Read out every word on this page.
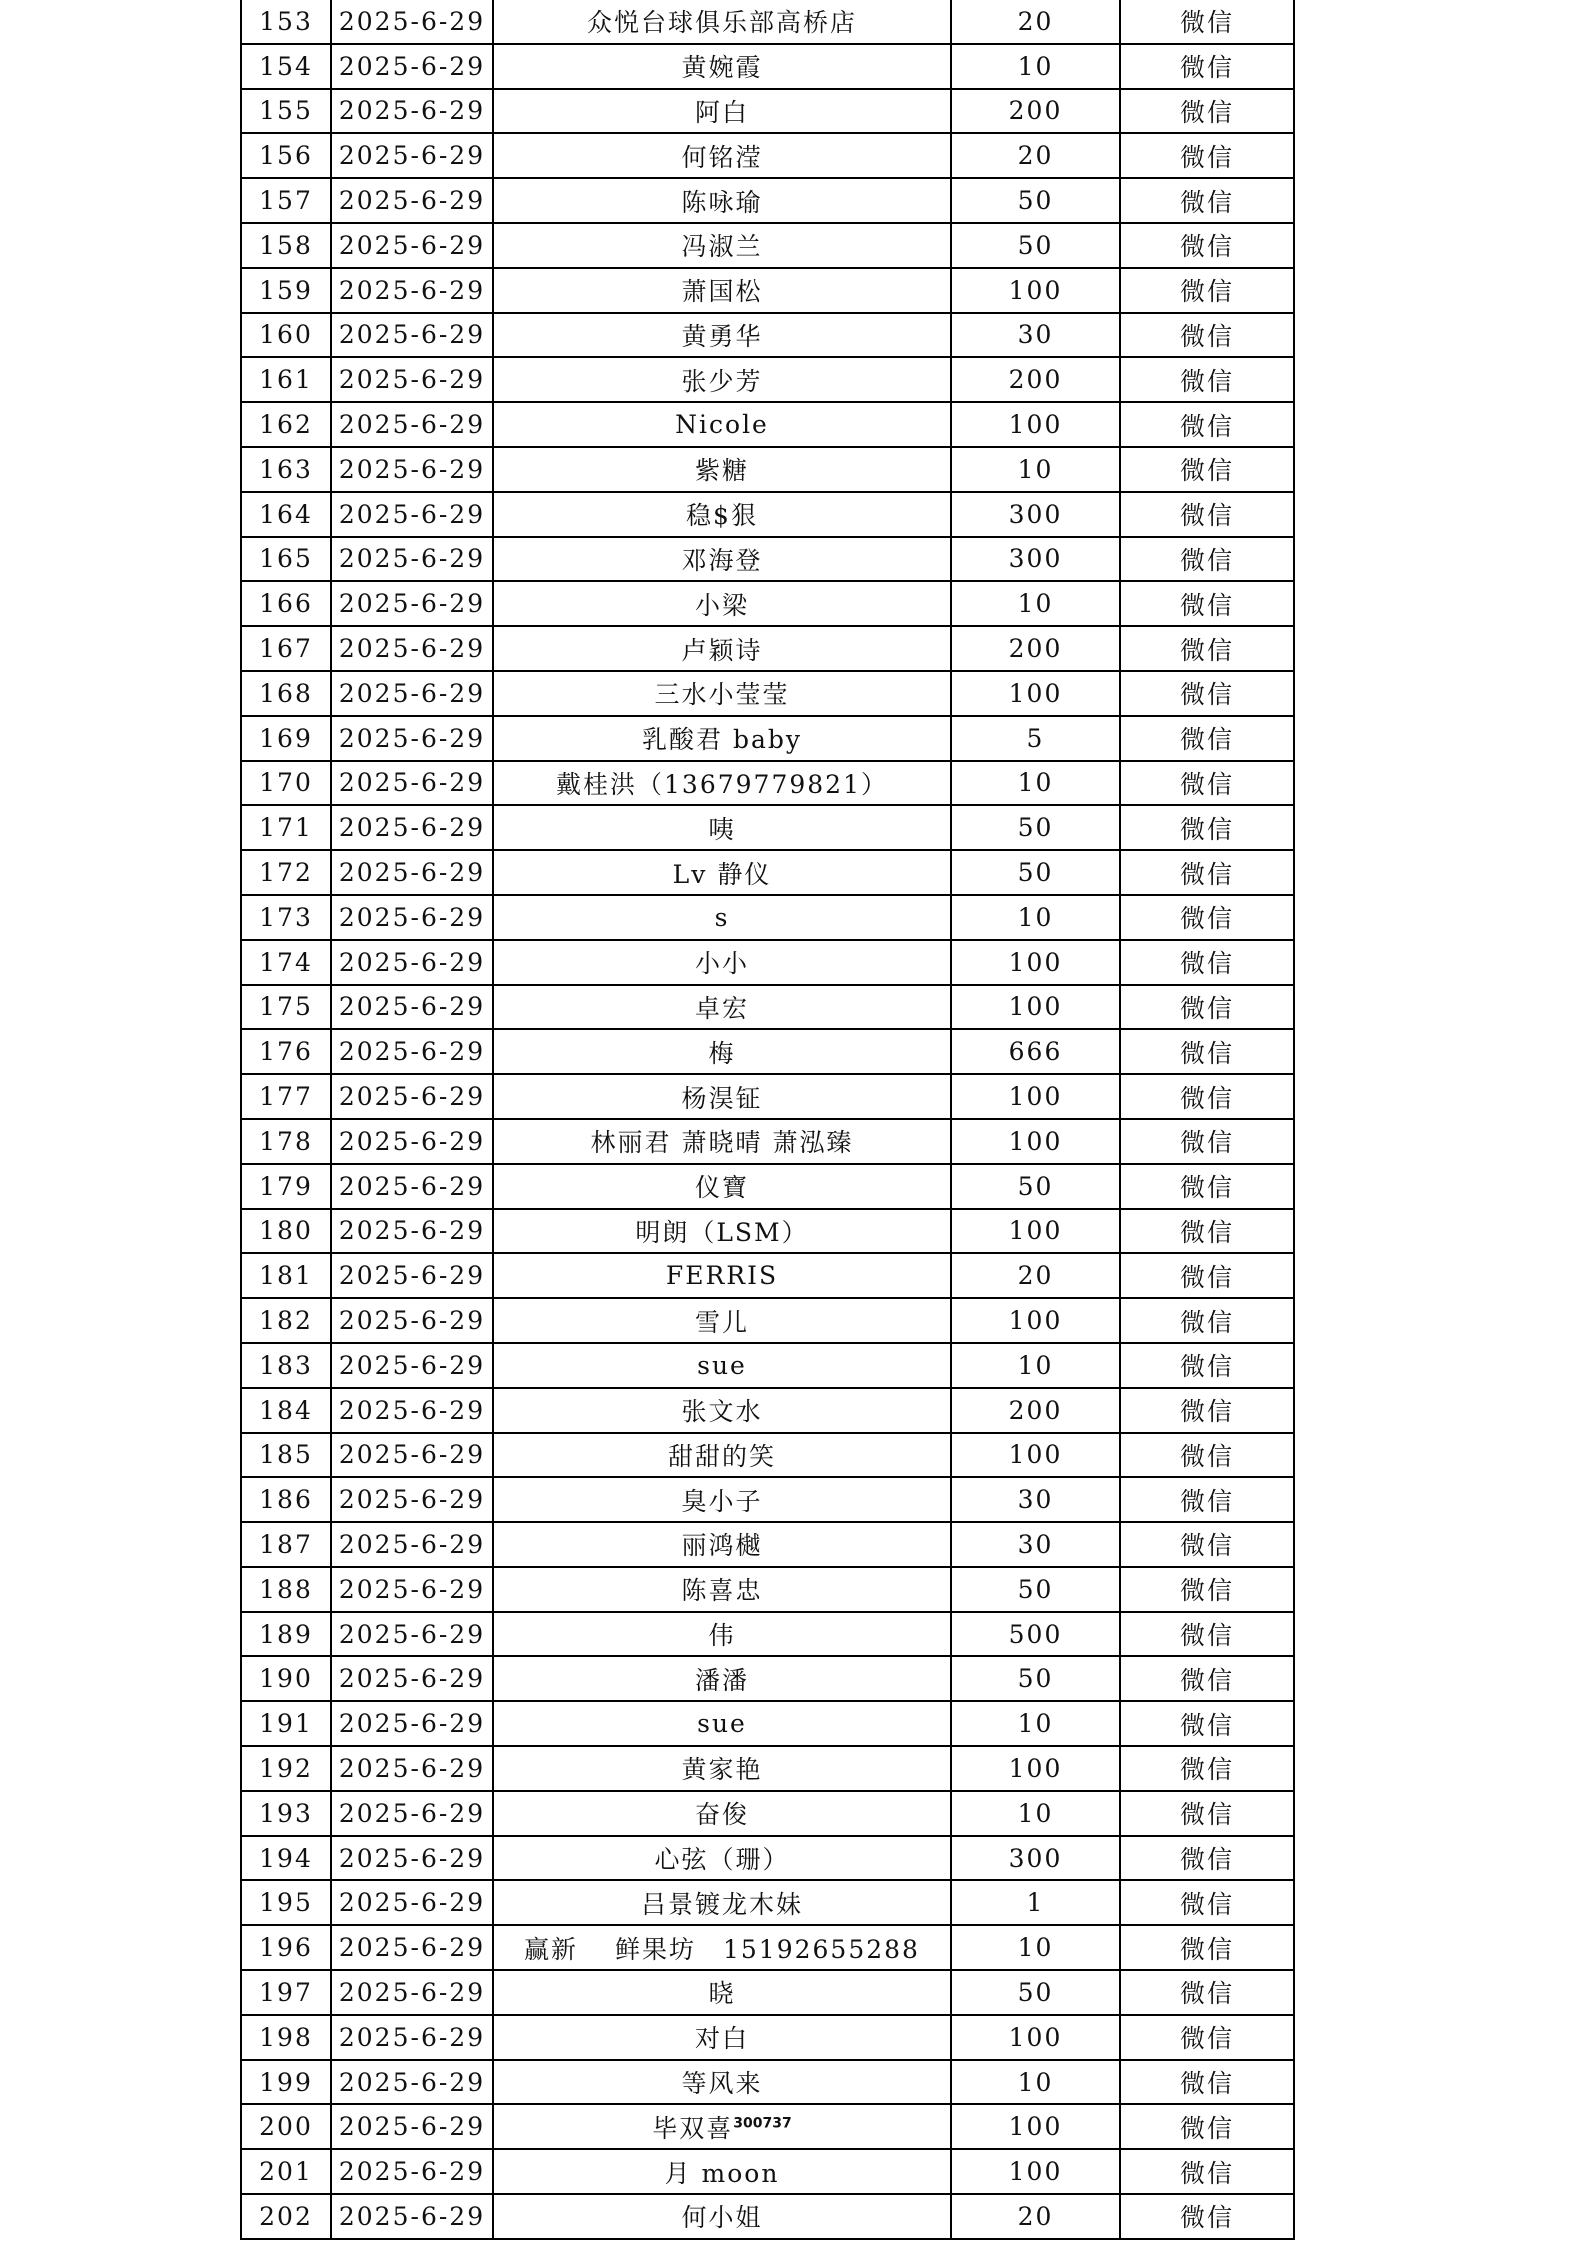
153	2025-6-29	众悦台球俱乐部高桥店	20	微信
154	2025-6-29	黄婉霞	10	微信
155	2025-6-29	阿白	200	微信
156	2025-6-29	何铭滢	20	微信
157	2025-6-29	陈咏瑜	50	微信
158	2025-6-29	冯淑兰	50	微信
159	2025-6-29	萧国松	100	微信
160	2025-6-29	黄勇华	30	微信
161	2025-6-29	张少芳	200	微信
162	2025-6-29	Nicole	100	微信
163	2025-6-29	紫糖	10	微信
164	2025-6-29	稳$狠	300	微信
165	2025-6-29	邓海登	300	微信
166	2025-6-29	小梁	10	微信
167	2025-6-29	卢颖诗	200	微信
168	2025-6-29	三水小莹莹	100	微信
169	2025-6-29	乳酸君 baby	5	微信
170	2025-6-29	戴桂洪（13679779821）	10	微信
171	2025-6-29	咦	50	微信
172	2025-6-29	Lv 静仪	50	微信
173	2025-6-29	s	10	微信
174	2025-6-29	小小	100	微信
175	2025-6-29	卓宏	100	微信
176	2025-6-29	梅	666	微信
177	2025-6-29	杨淏钲	100	微信
178	2025-6-29	林丽君 萧晓晴 萧泓臻	100	微信
179	2025-6-29	仪寶	50	微信
180	2025-6-29	明朗（LSM）	100	微信
181	2025-6-29	FERRIS	20	微信
182	2025-6-29	雪儿	100	微信
183	2025-6-29	sue	10	微信
184	2025-6-29	张文水	200	微信
185	2025-6-29	甜甜的笑	100	微信
186	2025-6-29	臭小子	30	微信
187	2025-6-29	丽鸿樾	30	微信
188	2025-6-29	陈喜忠	50	微信
189	2025-6-29	伟	500	微信
190	2025-6-29	潘潘	50	微信
191	2025-6-29	sue	10	微信
192	2025-6-29	黄家艳	100	微信
193	2025-6-29	奋俊	10	微信
194	2025-6-29	心弦（珊）	300	微信
195	2025-6-29	吕景镀龙木妹	1	微信
196	2025-6-29	赢新　 鲜果坊　15192655288	10	微信
197	2025-6-29	晓	50	微信
198	2025-6-29	对白	100	微信
199	2025-6-29	等风来	10	微信
200	2025-6-29	毕双喜$^{300737}$	100	微信
201	2025-6-29	月 moon	100	微信
202	2025-6-29	何小姐	20	微信
